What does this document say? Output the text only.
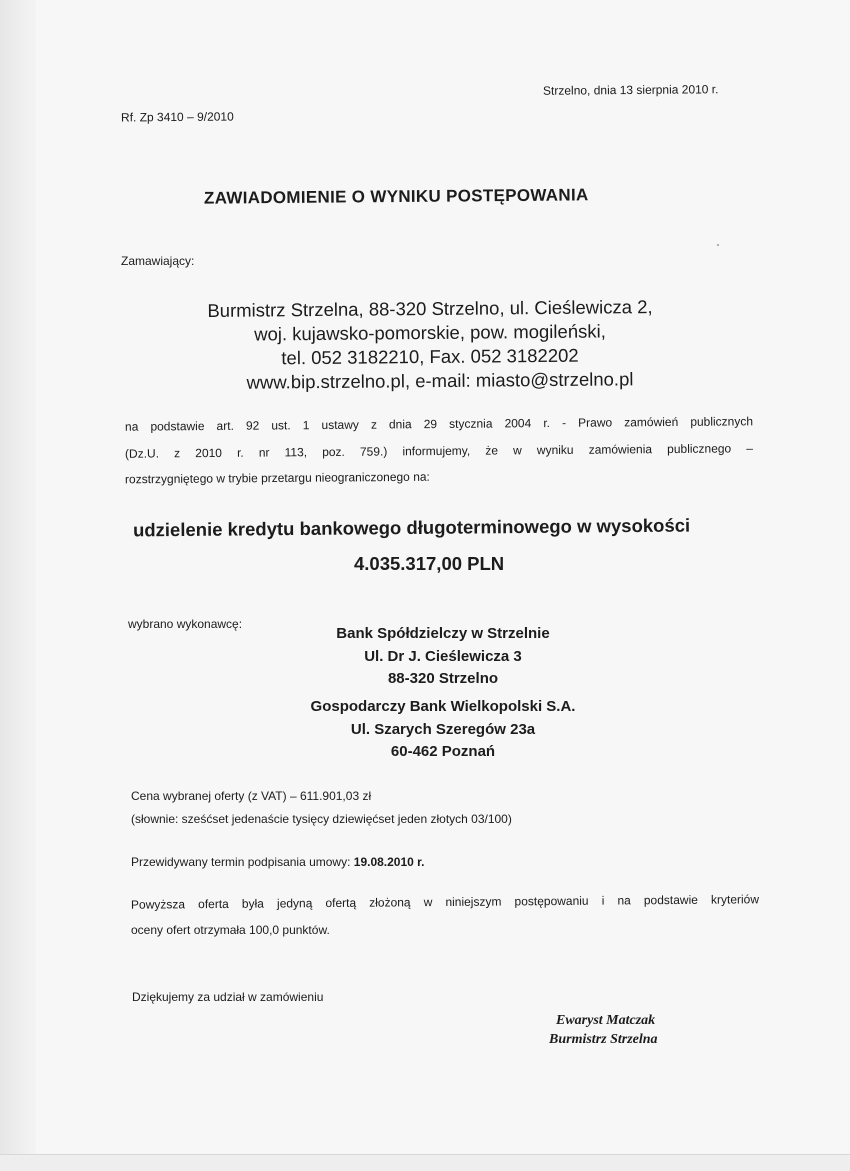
Strzelno, dnia 13 sierpnia 2010 r.
Rf. Zp 3410 – 9/2010
ZAWIADOMIENIE O WYNIKU POSTĘPOWANIA
Zamawiający:
Burmistrz Strzelna, 88-320 Strzelno, ul. Cieślewicza 2,
woj. kujawsko-pomorskie, pow. mogileński,
tel. 052 3182210, Fax. 052 3182202
www.bip.strzelno.pl, e-mail: miasto@strzelno.pl
na podstawie art. 92 ust. 1 ustawy z dnia 29 stycznia 2004 r. - Prawo zamówień publicznych
(Dz.U. z 2010 r. nr 113, poz. 759.) informujemy, że w wyniku zamówienia publicznego –
rozstrzygniętego w trybie przetargu nieograniczonego na:
udzielenie kredytu bankowego długoterminowego w wysokości
4.035.317,00 PLN
wybrano wykonawcę:
Bank Spółdzielczy w Strzelnie
Ul. Dr J. Cieślewicza 3
88-320 Strzelno
Gospodarczy Bank Wielkopolski S.A.
Ul. Szarych Szeregów 23a
60-462 Poznań
Cena wybranej oferty (z VAT) – 611.901,03 zł
(słownie: sześćset jedenaście tysięcy dziewięćset jeden złotych 03/100)
Przewidywany termin podpisania umowy: 19.08.2010 r.
Powyższa oferta była jedyną ofertą złożoną w niniejszym postępowaniu i na podstawie kryteriów
oceny ofert otrzymała 100,0 punktów.
Dziękujemy za udział w zamówieniu
Ewaryst Matczak
Burmistrz Strzelna
